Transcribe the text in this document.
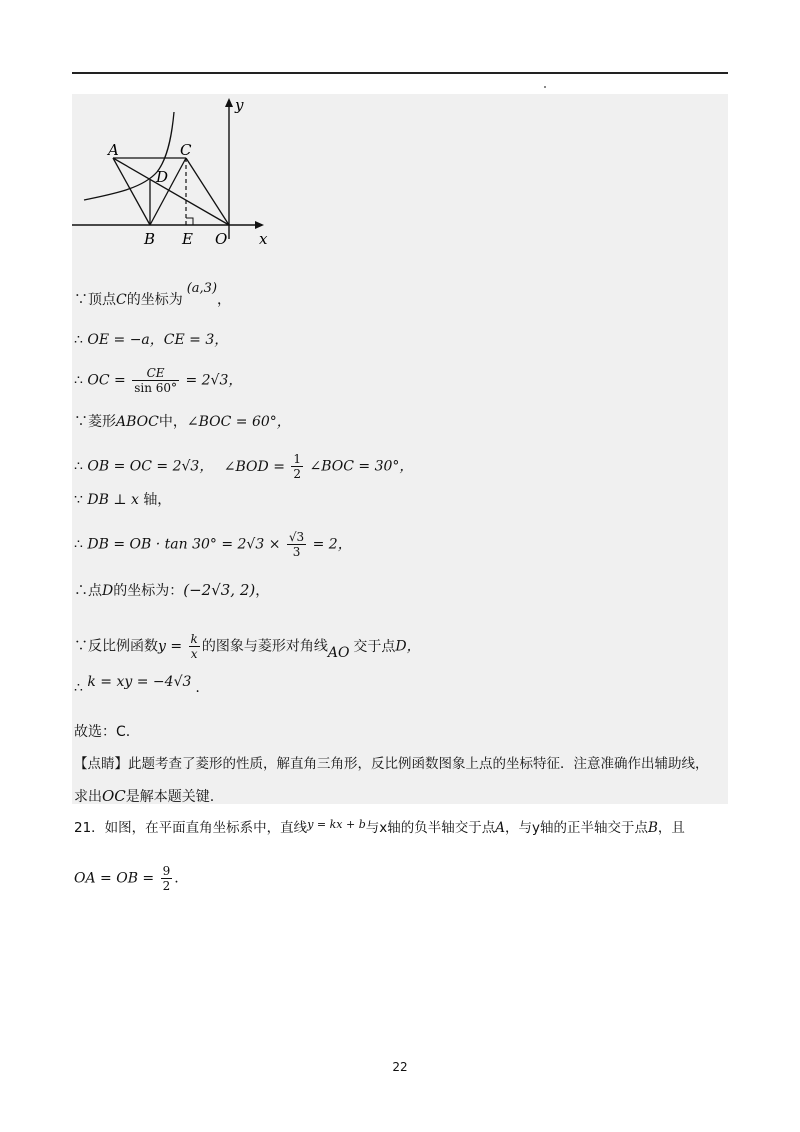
A	C
D
B E O x
y
∵顶点C的坐标为(a,3)，
∴ OE = −a，CE = 3，
∴ OC = $\frac{CE}{\sin 60^\circ} = 2√3$，
∵菱形ABOC中，∠BOC = 60°，
∴ OB = OC = 2√3， ∠BOD = $\frac{1}{2}$ ∠BOC = 30°，
∵ DB ⊥ x 轴，
∴ DB = OB · $\tan 30^\circ = 2√3 \times \frac{√3}{3} = 2$，
∴点D的坐标为：(−2√3, 2)，
∵反比例函数$y = \frac{k}{x}$ 的图象与菱形对角线AO 交于点D，
∴ k = xy = −4√3 .
故选：C.
【点睛】此题考查了菱形的性质，解直角三角形，反比例函数图象上点的坐标特征．注意准确作出辅助线，
求出OC是解本题关键.
21．如图，在平面直角坐标系中，直线$^{y = kx + b}$与x轴的负半轴交于点A，与y轴的正半轴交于点B，且
OA = OB = $\frac{9}{2}$ .
22
